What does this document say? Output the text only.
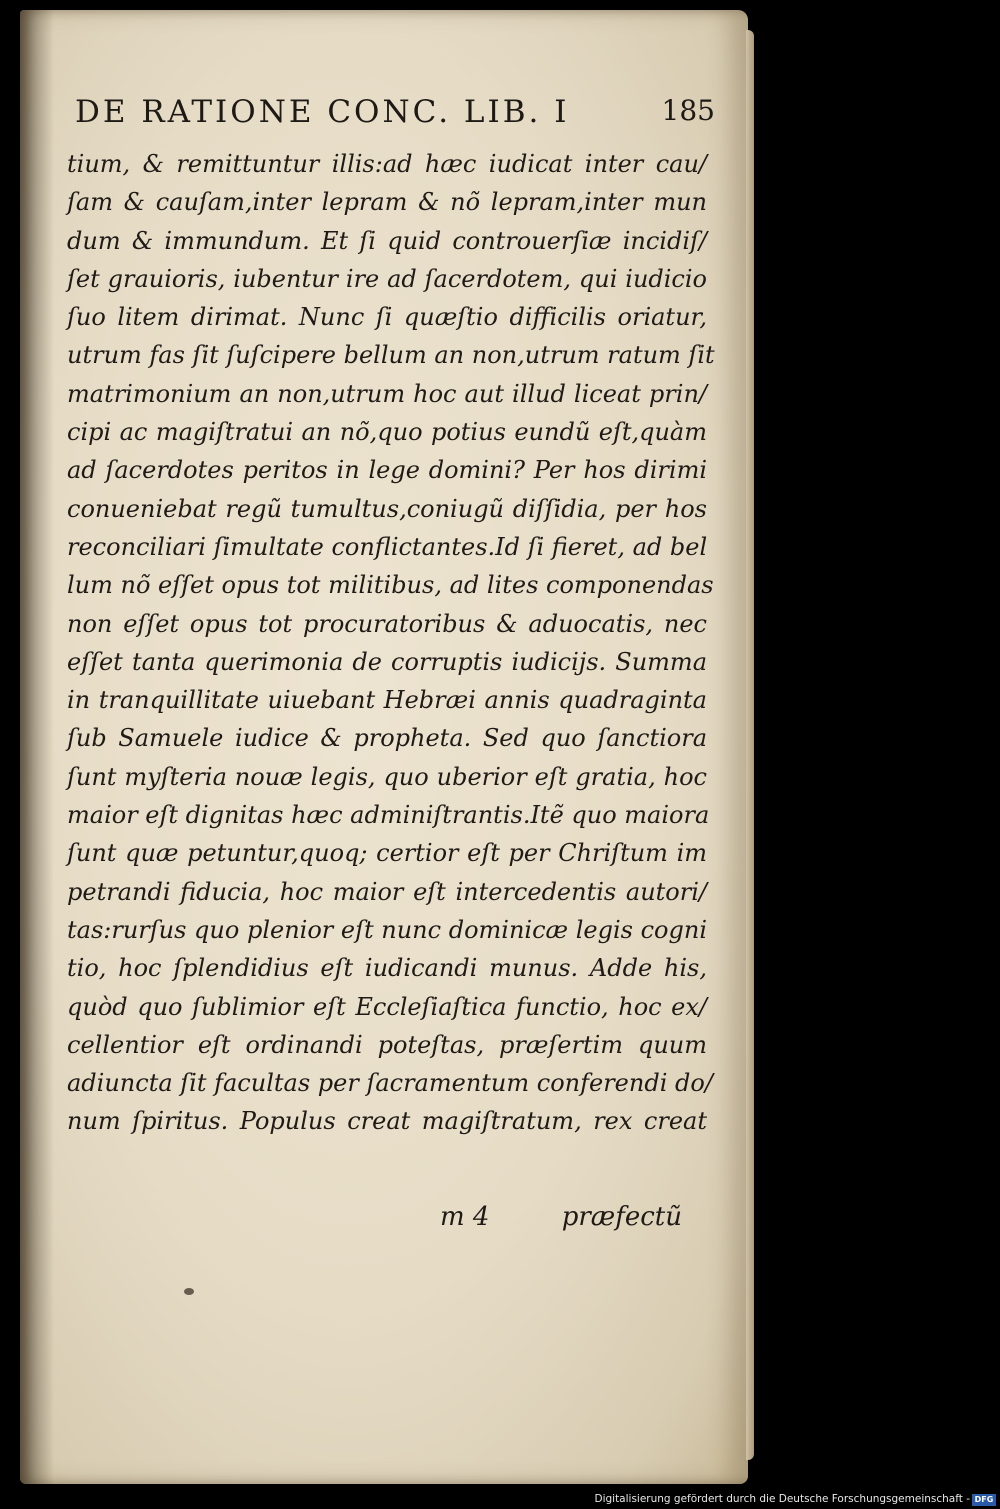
DE RATIONE CONC. LIB. I	185
tium, & remittuntur illis:ad hæc iudicat inter cau/
ſam & cauſam,inter lepram & nõ lepram,inter mun
dum & immundum. Et ſi quid controuerſiæ incidiſ/
ſet grauioris, iubentur ire ad ſacerdotem, qui iudicio
ſuo litem dirimat. Nunc ſi quæſtio difficilis oriatur,
utrum fas ſit ſuſcipere bellum an non,utrum ratum ſit
matrimonium an non,utrum hoc aut illud liceat prin/
cipi ac magiſtratui an nõ,quo potius eundũ eſt,quàm
ad ſacerdotes peritos in lege domini? Per hos dirimi
conueniebat regũ tumultus,coniugũ diſſidia, per hos
reconciliari ſimultate conflictantes.Id ſi fieret, ad bel
lum nõ eſſet opus tot militibus, ad lites componendas
non eſſet opus tot procuratoribus & aduocatis, nec
eſſet tanta querimonia de corruptis iudicijs. Summa
in tranquillitate uiuebant Hebræi annis quadraginta
ſub Samuele iudice & propheta. Sed quo ſanctiora
ſunt myſteria nouæ legis, quo uberior eſt gratia, hoc
maior eſt dignitas hæc adminiſtrantis.Itẽ quo maiora
ſunt quæ petuntur,quoq; certior eſt per Chriſtum im
petrandi fiducia, hoc maior eſt intercedentis autori/
tas:rurſus quo plenior eſt nunc dominicæ legis cogni
tio, hoc ſplendidius eſt iudicandi munus. Adde his,
quòd quo ſublimior eſt Eccleſiaſtica functio, hoc ex/
cellentior eſt ordinandi poteſtas, præſertim quum
adiuncta ſit facultas per ſacramentum conferendi do/
num ſpiritus. Populus creat magiſtratum, rex creat
m 4	præfectũ
Digitalisierung gefördert durch die Deutsche Forschungsgemeinschaft - DFG
